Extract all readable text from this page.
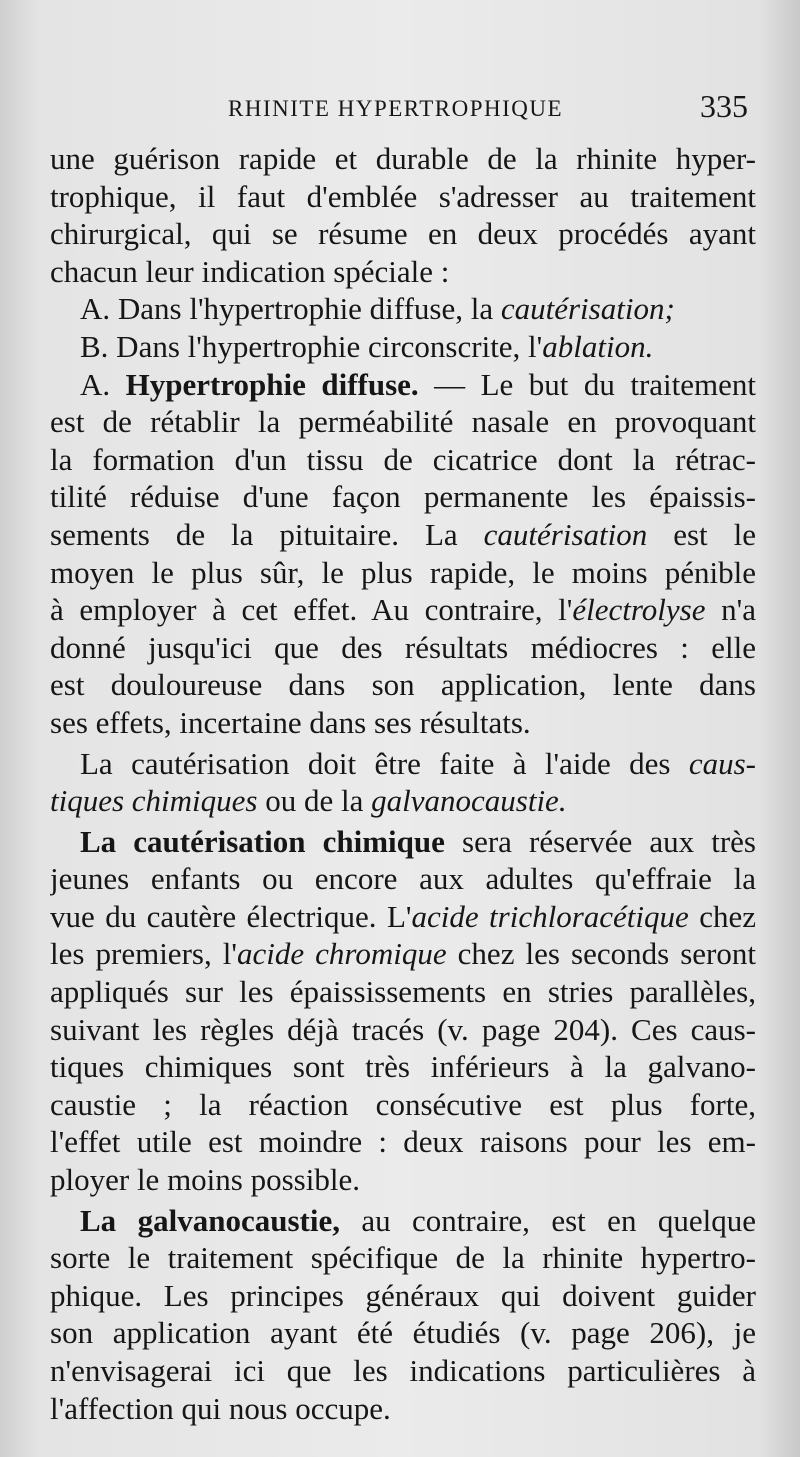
RHINITE HYPERTROPHIQUE	335
une guérison rapide et durable de la rhinite hyper-
trophique, il faut d'emblée s'adresser au traitement
chirurgical, qui se résume en deux procédés ayant
chacun leur indication spéciale :
A. Dans l'hypertrophie diffuse, la cautérisation;
B. Dans l'hypertrophie circonscrite, l'ablation.
A. Hypertrophie diffuse. — Le but du traitement
est de rétablir la perméabilité nasale en provoquant
la formation d'un tissu de cicatrice dont la rétrac-
tilité réduise d'une façon permanente les épaissis-
sements de la pituitaire. La cautérisation est le
moyen le plus sûr, le plus rapide, le moins pénible
à employer à cet effet. Au contraire, l'électrolyse n'a
donné jusqu'ici que des résultats médiocres : elle
est douloureuse dans son application, lente dans
ses effets, incertaine dans ses résultats.
La cautérisation doit être faite à l'aide des caus-
tiques chimiques ou de la galvanocaustie.
La cautérisation chimique sera réservée aux très
jeunes enfants ou encore aux adultes qu'effraie la
vue du cautère électrique. L'acide trichloracétique chez
les premiers, l'acide chromique chez les seconds seront
appliqués sur les épaississements en stries parallèles,
suivant les règles déjà tracés (v. page 204). Ces caus-
tiques chimiques sont très inférieurs à la galvano-
caustie ; la réaction consécutive est plus forte,
l'effet utile est moindre : deux raisons pour les em-
ployer le moins possible.
La galvanocaustie, au contraire, est en quelque
sorte le traitement spécifique de la rhinite hypertro-
phique. Les principes généraux qui doivent guider
son application ayant été étudiés (v. page 206), je
n'envisagerai ici que les indications particulières à
l'affection qui nous occupe.
